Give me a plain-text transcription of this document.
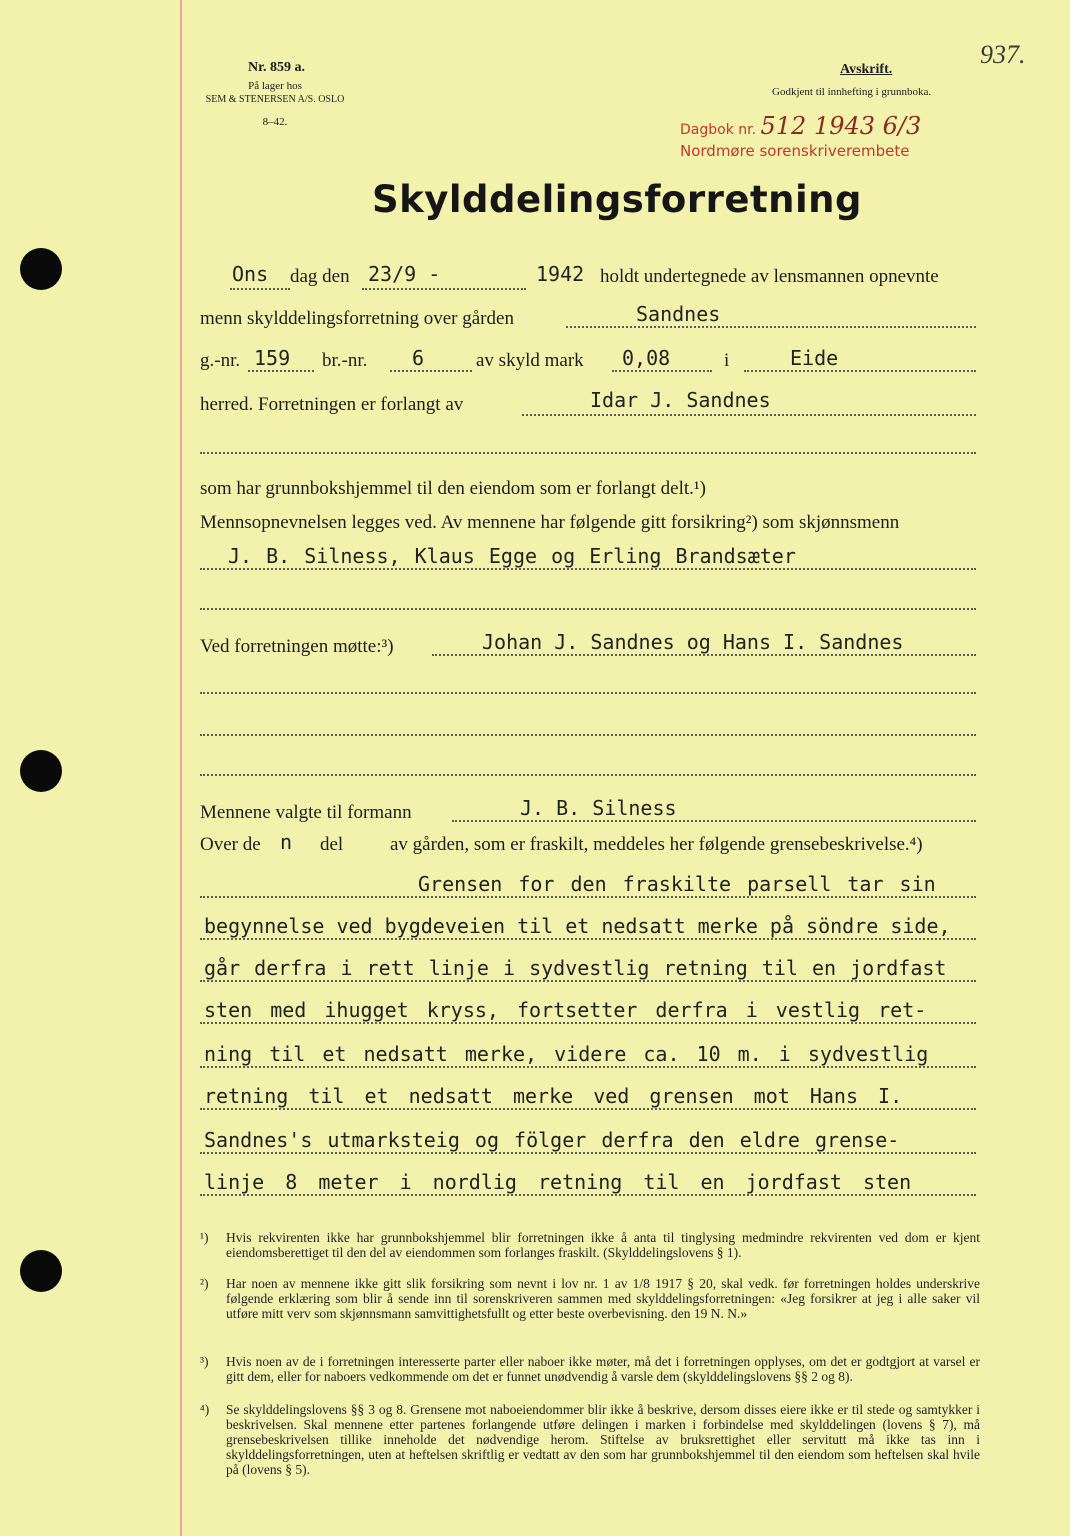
Nr. 859 a.
På lager hos
SEM & STENERSEN A/S. OSLO
8–42.
Avskrift.
Godkjent til innhefting i grunnboka.
937.
Dagbok nr. 512 1943 6/3
Nordmøre sorenskriverembete
Skylddelingsforretning
Ons dag den 23/9 -	1942 holdt undertegnede av lensmannen opnevnte
menn skylddelingsforretning over gården	Sandnes
g.-nr. 159 br.-nr. 6	av skyld mark 0,08	i	Eide
herred. Forretningen er forlangt av	Idar J. Sandnes
som har grunnbokshjemmel til den eiendom som er forlangt delt.¹)
Mennsopnevnelsen legges ved. Av mennene har følgende gitt forsikring²) som skjønnsmenn
J. B. Silness, Klaus Egge og Erling Brandsæter
Ved forretningen møtte:³)	Johan J. Sandnes og Hans I. Sandnes
Mennene valgte til formann	J. B. Silness
Over de n del av gården, som er fraskilt, meddeles her følgende grensebeskrivelse.⁴)
Grensen for den fraskilte parsell tar sin
begynnelse ved bygdeveien til et nedsatt merke på söndre side,
går derfra i rett linje i sydvestlig retning til en jordfast
sten med ihugget kryss, fortsetter derfra i vestlig ret-
ning til et nedsatt merke, videre ca. 10 m. i sydvestlig
retning til et nedsatt merke ved grensen mot Hans I.
Sandnes's utmarksteig og fölger derfra den eldre grense-
linje 8 meter i nordlig retning til en jordfast sten
¹) Hvis rekvirenten ikke har grunnbokshjemmel blir forretningen ikke å anta til tinglysing medmindre rekvirenten ved dom er kjent eiendomsberettiget til den del av eiendommen som forlanges fraskilt. (Skylddelingslovens § 1).
²) Har noen av mennene ikke gitt slik forsikring som nevnt i lov nr. 1 av 1/8 1917 § 20, skal vedk. før forretningen holdes underskrive følgende erklæring som blir å sende inn til sorenskriveren sammen med skylddelingsforretningen: «Jeg forsikrer at jeg i alle saker vil utføre mitt verv som skjønnsmann samvittighetsfullt og etter beste overbevisning. den 19 N. N.»
³) Hvis noen av de i forretningen interesserte parter eller naboer ikke møter, må det i forretningen opplyses, om det er godtgjort at varsel er gitt dem, eller for naboers vedkommende om det er funnet unødvendig å varsle dem (skylddelingslovens §§ 2 og 8).
⁴) Se skylddelingslovens §§ 3 og 8. Grensene mot naboeiendommer blir ikke å beskrive, dersom disses eiere ikke er til stede og samtykker i beskrivelsen. Skal mennene etter partenes forlangende utføre delingen i marken i forbindelse med skylddelingen (lovens § 7), må grensebeskrivelsen tillike inneholde det nødvendige herom. Stiftelse av bruksrettighet eller servitutt må ikke tas inn i skylddelingsforretningen, uten at heftelsen skriftlig er vedtatt av den som har grunnbokshjemmel til den eiendom som heftelsen skal hvile på (lovens § 5).
